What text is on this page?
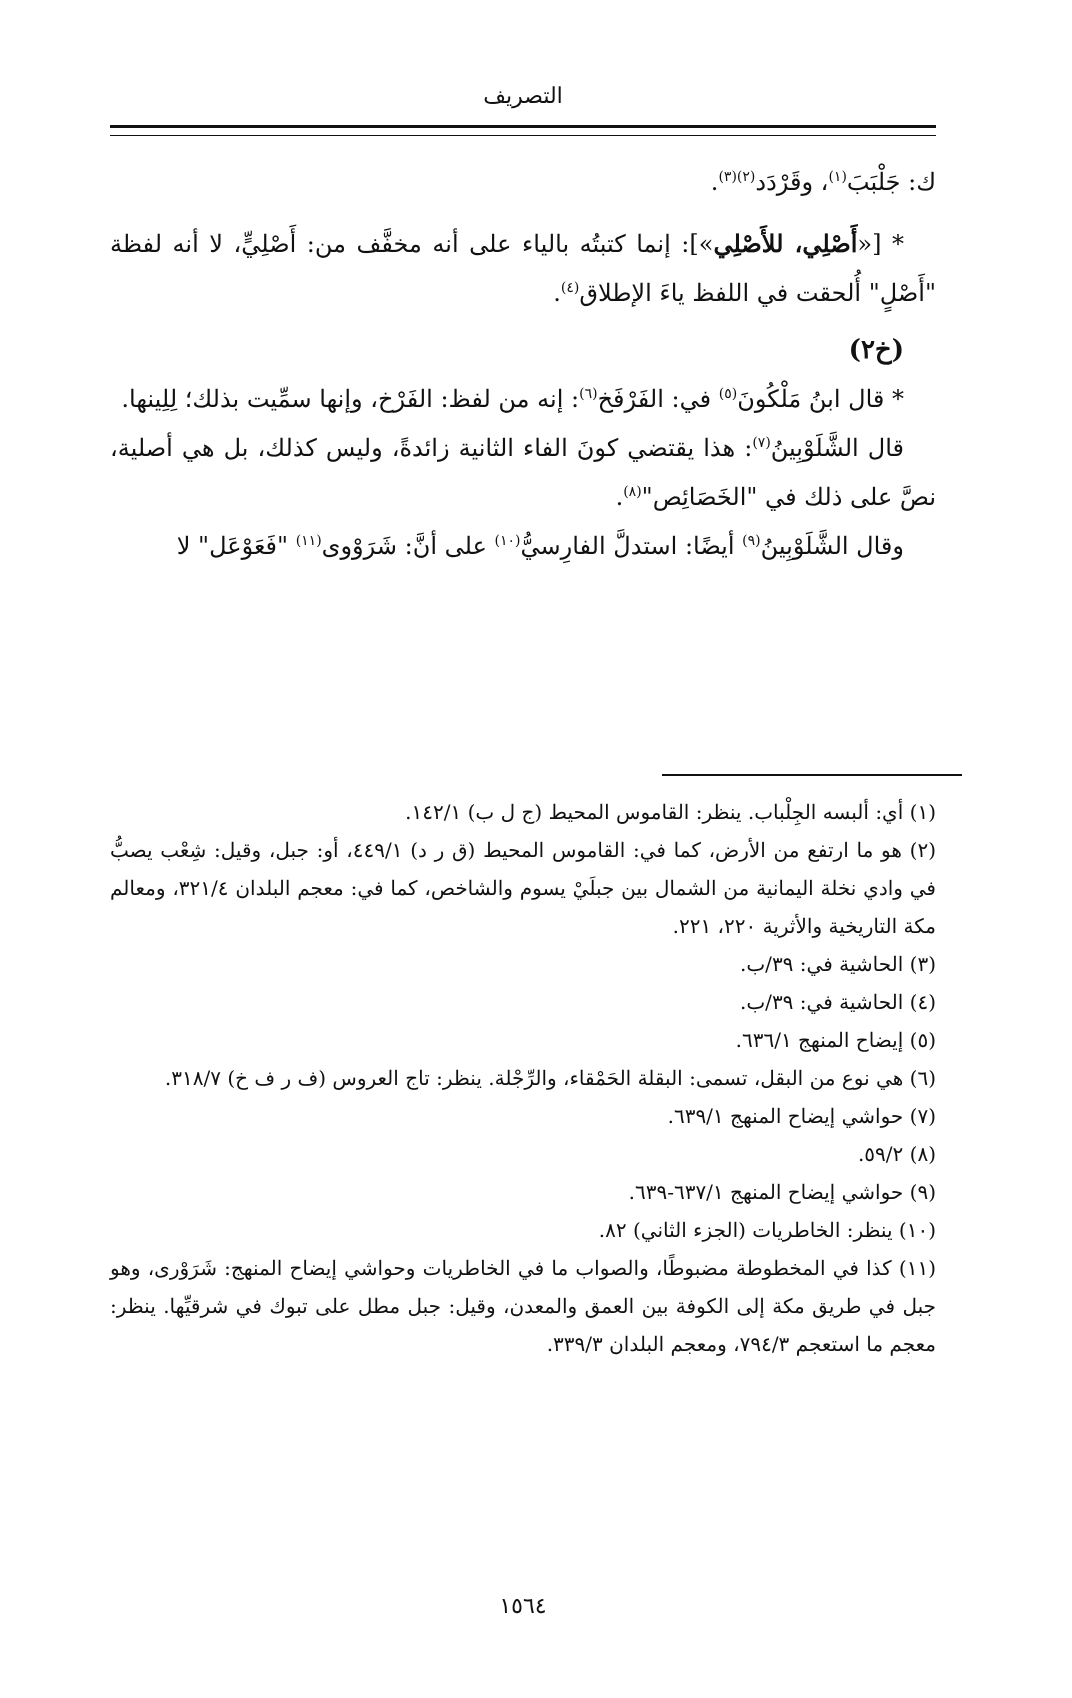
التصريف

ك: جَلْبَبَ$^{(١)}$، وقَرْدَد$^{(٢)(٣)}$.

* [«أَصْلِي، للأَصْلِي»]: إنما كتبتُه بالياء على أنه مخفَّف من: أَصْلِيٍّ، لا أنه لفظة "أَصْلٍ" أُلحقت في اللفظ ياءَ الإطلاق$^{(٤)}$.

(خ٢)

* قال ابنُ مَلْكُونَ$^{(٥)}$ في: الفَرْفَخ$^{(٦)}$: إنه من لفظ: الفَرْخ، وإنها سمِّيت بذلك؛ لِلِينها.

قال الشَّلَوْبِينُ$^{(٧)}$: هذا يقتضي كونَ الفاء الثانية زائدةً، وليس كذلك، بل هي أصلية، نصَّ على ذلك في "الخَصَائِص"$^{(٨)}$.

وقال الشَّلَوْبِينُ$^{(٩)}$ أيضًا: استدلَّ الفارِسيُّ$^{(١٠)}$ على أنَّ: شَرَوْوى$^{(١١)}$ "فَعَوْعَل" لا

(١) أي: ألبسه الجِلْباب. ينظر: القاموس المحيط (ج ل ب) ١٤٢/١.

(٢) هو ما ارتفع من الأرض، كما في: القاموس المحيط (ق ر د) ٤٤٩/١، أو: جبل، وقيل: شِعْب يصبُّ في وادي نخلة اليمانية من الشمال بين جبلَيْ يسوم والشاخص، كما في: معجم البلدان ٣٢١/٤، ومعالم مكة التاريخية والأثرية ٢٢٠، ٢٢١.

(٣) الحاشية في: ٣٩/ب.

(٤) الحاشية في: ٣٩/ب.

(٥) إيضاح المنهج ٦٣٦/١.

(٦) هي نوع من البقل، تسمى: البقلة الحَمْقاء، والرِّجْلة. ينظر: تاج العروس (ف ر ف خ) ٣١٨/٧.

(٧) حواشي إيضاح المنهج ٦٣٩/١.

(٨) ٥٩/٢.

(٩) حواشي إيضاح المنهج ٦٣٧/١-٦٣٩.

(١٠) ينظر: الخاطريات (الجزء الثاني) ٨٢.

(١١) كذا في المخطوطة مضبوطًا، والصواب ما في الخاطريات وحواشي إيضاح المنهج: شَرَوْرى، وهو جبل في طريق مكة إلى الكوفة بين العمق والمعدن، وقيل: جبل مطل على تبوك في شرقيِّها. ينظر: معجم ما استعجم ٧٩٤/٣، ومعجم البلدان ٣٣٩/٣.

١٥٦٤
